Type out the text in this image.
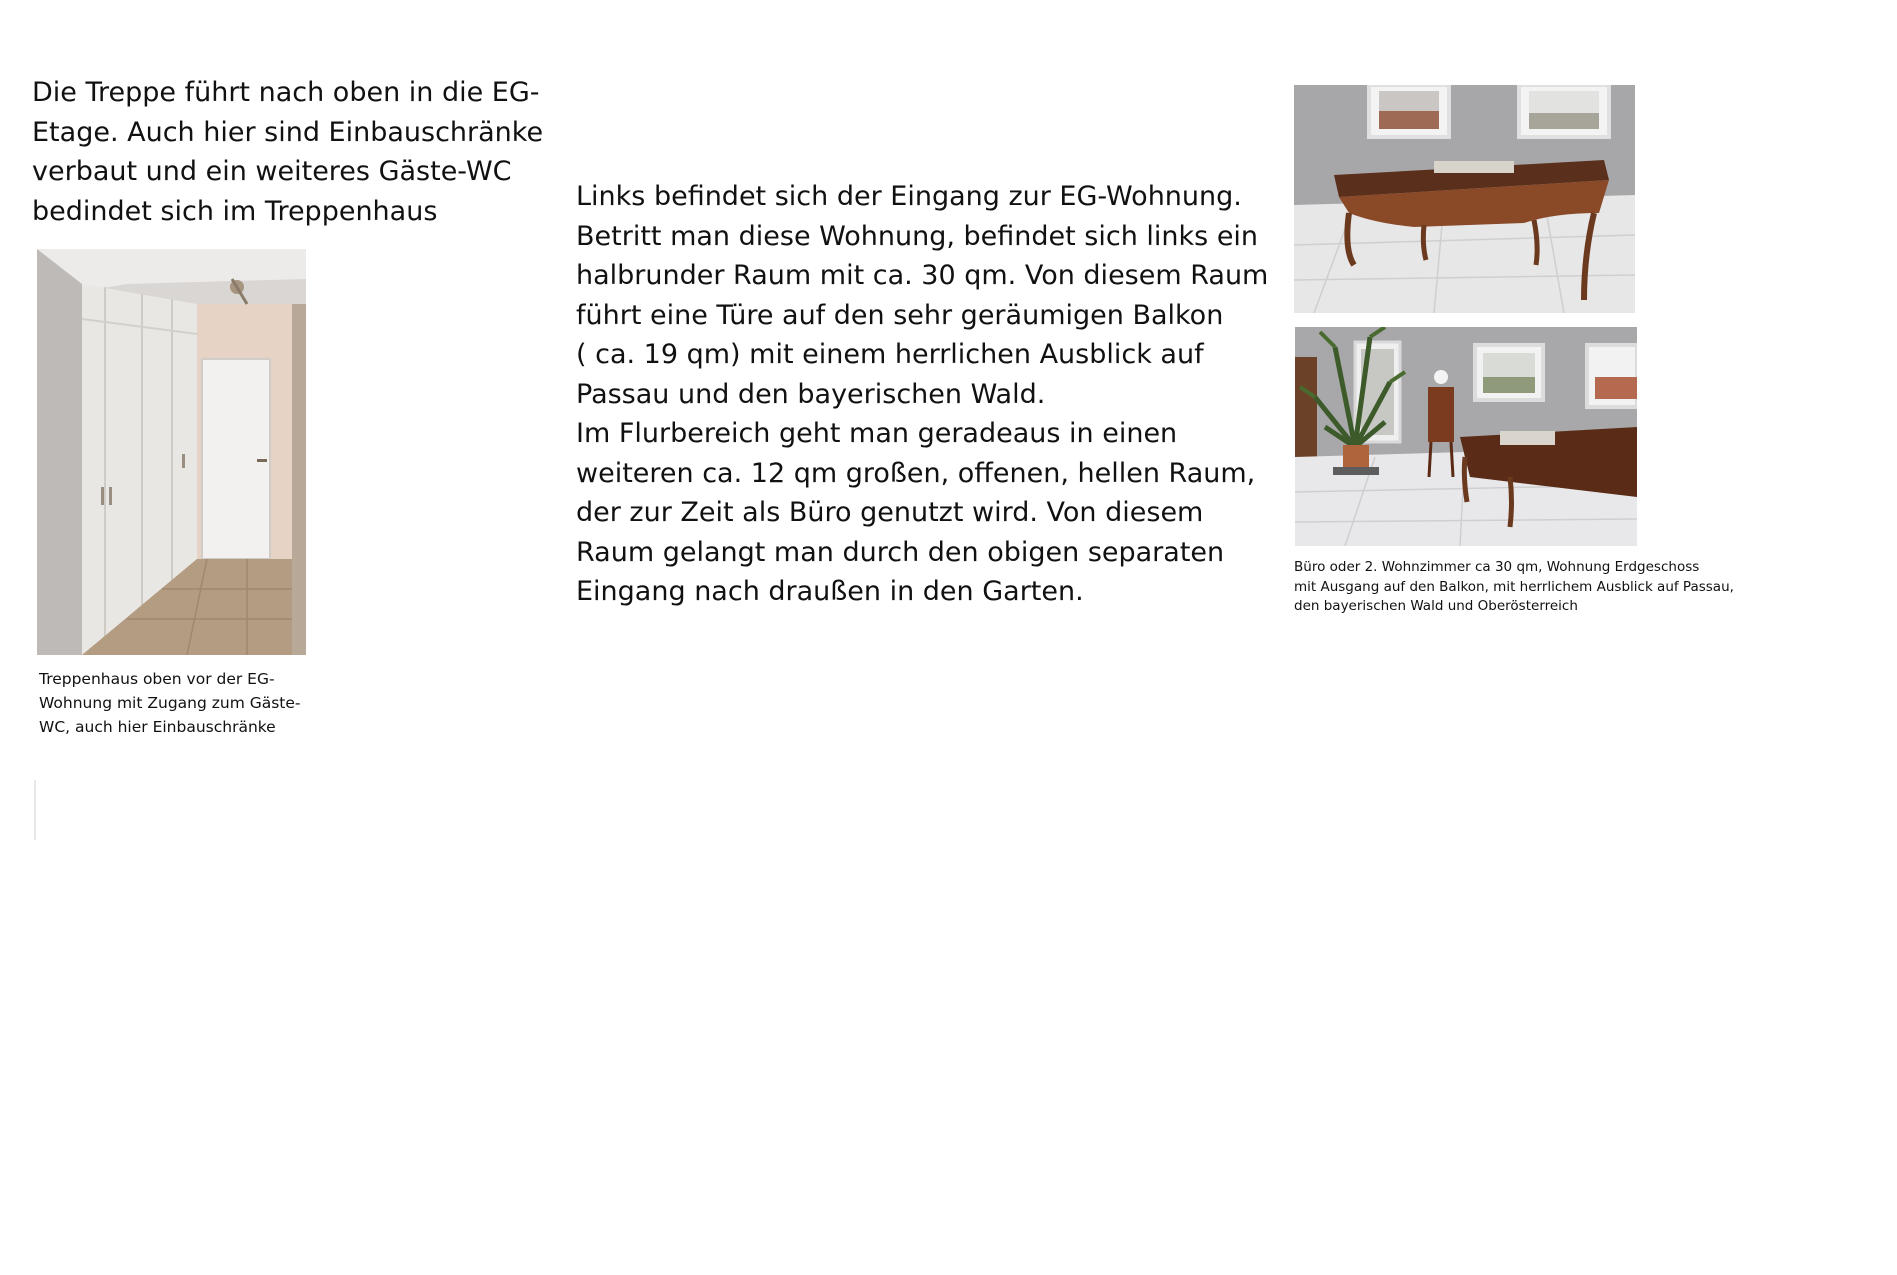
Die Treppe führt nach oben in die EG-
Etage. Auch hier sind Einbauschränke
verbaut und ein weiteres Gäste-WC
bedindet sich im Treppenhaus
Treppenhaus oben vor der EG-
Wohnung mit Zugang zum Gäste-
WC, auch hier Einbauschränke
Links befindet sich der Eingang zur EG-Wohnung.
Betritt man diese Wohnung, befindet sich links ein
halbrunder Raum mit ca. 30 qm. Von diesem Raum
führt eine Türe auf den sehr geräumigen Balkon
( ca. 19 qm) mit einem herrlichen Ausblick auf
Passau und den bayerischen Wald.
Im Flurbereich geht man geradeaus in einen
weiteren ca. 12 qm großen, offenen, hellen Raum,
der zur Zeit als Büro genutzt wird. Von diesem
Raum gelangt man durch den obigen separaten
Eingang nach draußen in den Garten.
Büro oder 2. Wohnzimmer ca 30 qm, Wohnung Erdgeschoss
mit Ausgang auf den Balkon, mit herrlichem Ausblick auf Passau,
den bayerischen Wald und Oberösterreich
